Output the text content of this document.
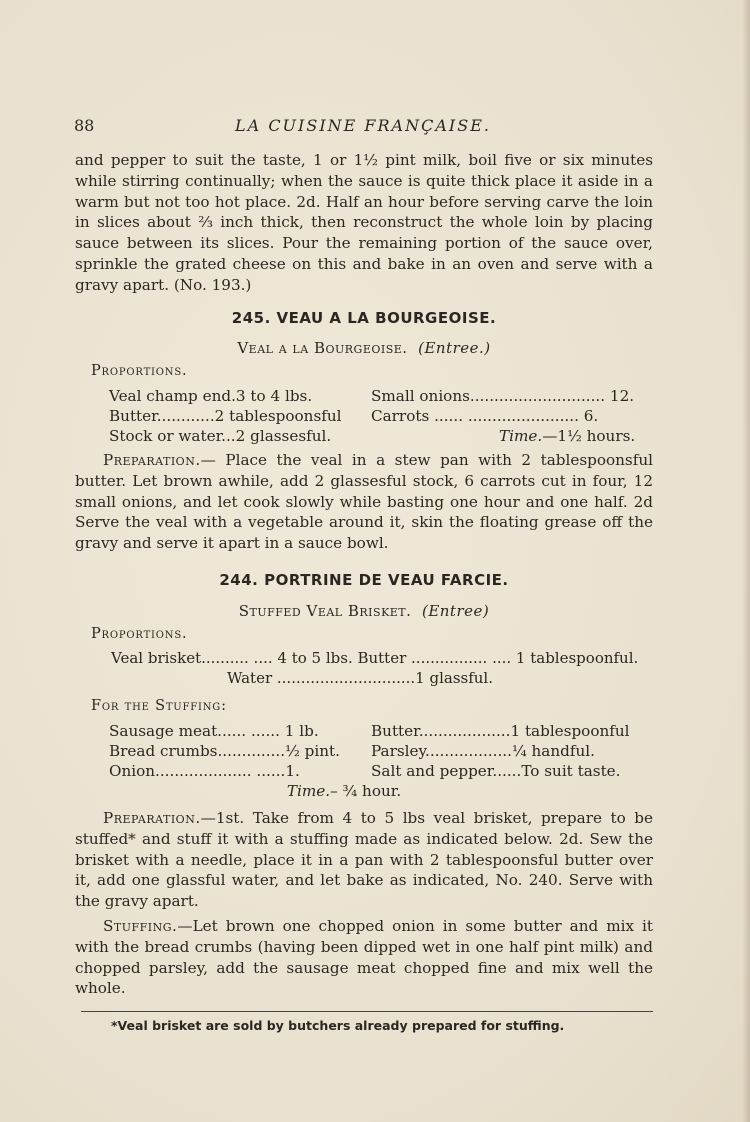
88	LA CUISINE FRANÇAISE.

and pepper to suit the taste, 1 or 1½ pint milk, boil five or six minutes while stirring continually; when the sauce is quite thick place it aside in a warm but not too hot place. 2d. Half an hour before serving carve the loin in slices about ⅔ inch thick, then reconstruct the whole loin by placing sauce between its slices. Pour the remaining portion of the sauce over, sprinkle the grated cheese on this and bake in an oven and serve with a gravy apart. (No. 193.)

245. VEAU A LA BOURGEOISE.
Veal a la Bourgeoise. (Entree.)
Proportions.
Veal champ end.3 to 4 lbs.	Small onions............................ 12.
Butter............2 tablespoonsful	Carrots ...... ....................... 6.
Stock or water...2 glassesful.	Time.—1½ hours.

Preparation.— Place the veal in a stew pan with 2 tablespoonsful butter. Let brown awhile, add 2 glassesful stock, 6 carrots cut in four, 12 small onions, and let cook slowly while basting one hour and one half. 2d Serve the veal with a vegetable around it, skin the floating grease off the gravy and serve it apart in a sauce bowl.

244. PORTRINE DE VEAU FARCIE.
Stuffed Veal Brisket. (Entree)
Proportions.
Veal brisket.......... .... 4 to 5 lbs. Butter ................ .... 1 tablespoonful.
Water .............................1 glassful.
For the Stuffing:
Sausage meat...... ...... 1 lb.	Butter...................1 tablespoonful
Bread crumbs..............½ pint.	Parsley..................¼ handful.
Onion.................... ......1.	Salt and pepper......To suit taste.
Time.– ¾ hour.

Preparation.—1st. Take from 4 to 5 lbs veal brisket, prepare to be stuffed* and stuff it with a stuffing made as indicated below. 2d. Sew the brisket with a needle, place it in a pan with 2 tablespoonsful butter over it, add one glassful water, and let bake as indicated, No. 240. Serve with the gravy apart.

Stuffing.—Let brown one chopped onion in some butter and mix it with the bread crumbs (having been dipped wet in one half pint milk) and chopped parsley, add the sausage meat chopped fine and mix well the whole.

*Veal brisket are sold by butchers already prepared for stuffing.
